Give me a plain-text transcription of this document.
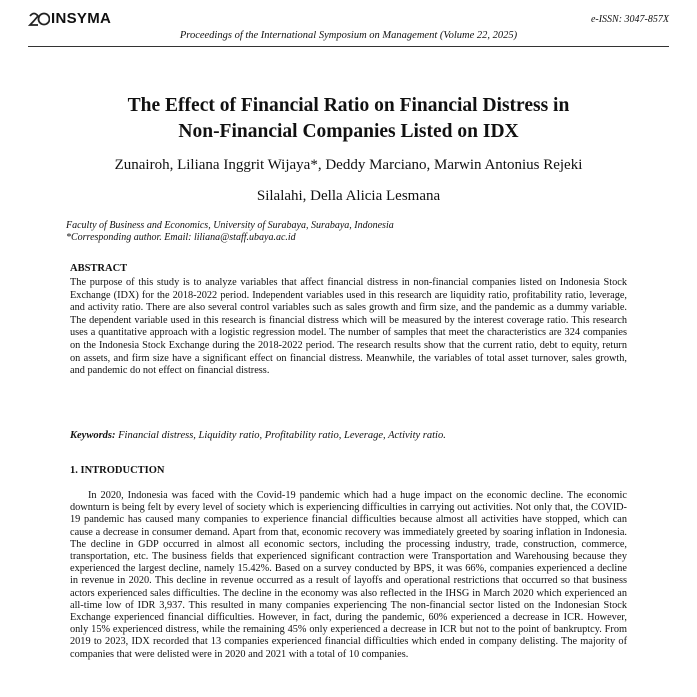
INSYMA	e-ISSN: 3047-857X
Proceedings of the International Symposium on Management (Volume 22, 2025)
The Effect of Financial Ratio on Financial Distress in
Non-Financial Companies Listed on IDX
Zunairoh, Liliana Inggrit Wijaya*, Deddy Marciano, Marwin Antonius Rejeki
Silalahi, Della Alicia Lesmana
Faculty of Business and Economics, University of Surabaya, Surabaya, Indonesia
*Corresponding author. Email: liliana@staff.ubaya.ac.id
ABSTRACT
The purpose of this study is to analyze variables that affect financial distress in non-financial companies listed on Indonesia Stock Exchange (IDX) for the 2018-2022 period. Independent variables used in this research are liquidity ratio, profitability ratio, leverage, and activity ratio. There are also several control variables such as sales growth and firm size, and the pandemic as a dummy variable. The dependent variable used in this research is financial distress which will be measured by the interest coverage ratio. This research uses a quantitative approach with a logistic regression model. The number of samples that meet the characteristics are 324 companies on the Indonesia Stock Exchange during the 2018-2022 period. The research results show that the current ratio, debt to equity, return on assets, and firm size have a significant effect on financial distress. Meanwhile, the variables of total asset turnover, sales growth, and pandemic do not effect on financial distress.
Keywords: Financial distress, Liquidity ratio, Profitability ratio, Leverage, Activity ratio.
1. INTRODUCTION
In 2020, Indonesia was faced with the Covid-19 pandemic which had a huge impact on the economic decline. The economic downturn is being felt by every level of society which is experiencing difficulties in carrying out activities. Not only that, the COVID-19 pandemic has caused many companies to experience financial difficulties because almost all activities have stopped, which can cause a decrease in consumer demand. Apart from that, economic recovery was immediately greeted by soaring inflation in Indonesia. The decline in GDP occurred in almost all economic sectors, including the processing industry, trade, construction, commerce, transportation, etc. The business fields that experienced significant contraction were Transportation and Warehousing because they experienced the largest decline, namely 15.42%. Based on a survey conducted by BPS, it was 66%, companies experienced a decline in revenue in 2020. This decline in revenue occurred as a result of layoffs and operational restrictions that occurred so that business actors experienced sales difficulties. The decline in the economy was also reflected in the IHSG in March 2020 which experienced an all-time low of IDR 3,937. This resulted in many companies experiencing The non-financial sector listed on the Indonesian Stock Exchange experienced financial difficulties. However, in fact, during the pandemic, 60% experienced a decrease in ICR. However, only 15% experienced distress, while the remaining 45% only experienced a decrease in ICR but not to the point of bankruptcy. From 2019 to 2023, IDX recorded that 13 companies experienced financial difficulties which ended in company delisting. The majority of companies that were delisted were in 2020 and 2021 with a total of 10 companies.
